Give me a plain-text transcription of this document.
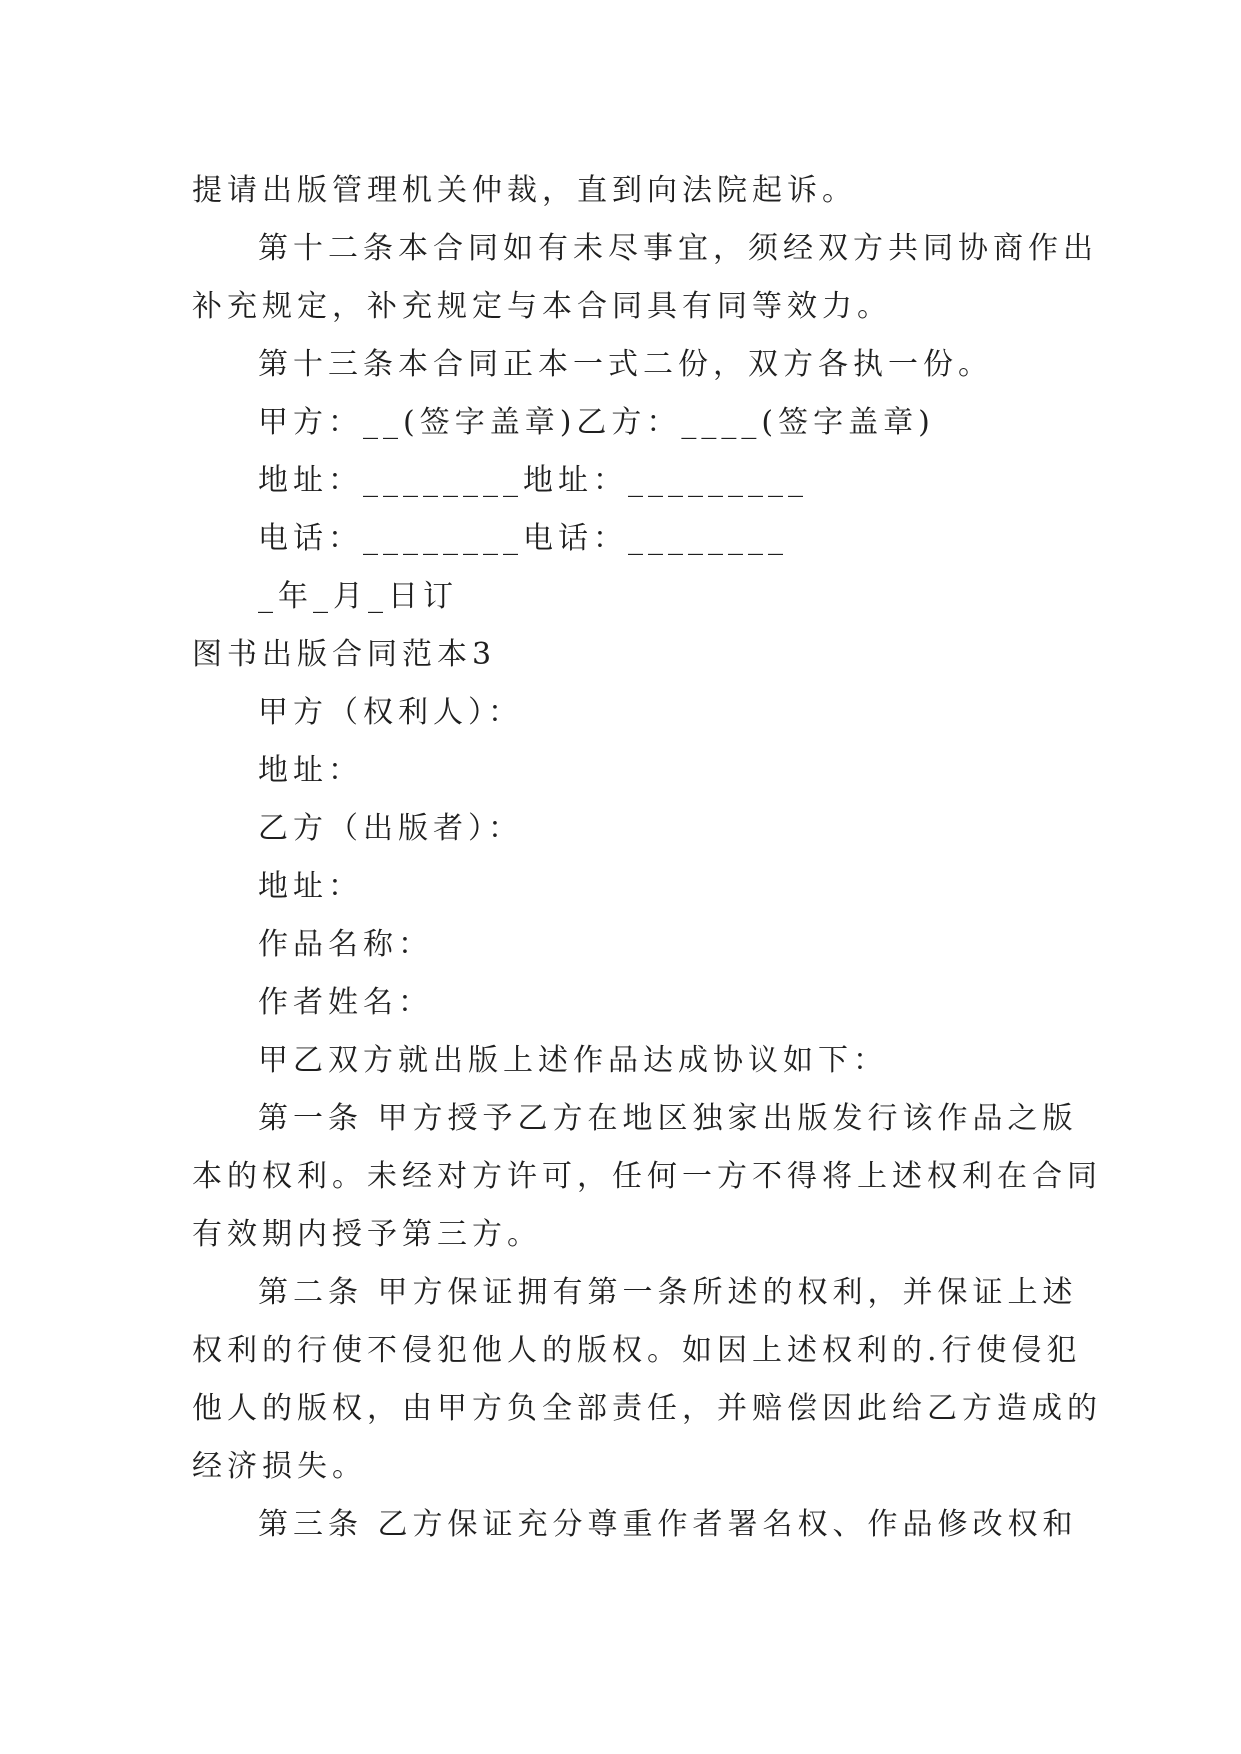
提请出版管理机关仲裁，直到向法院起诉。
第十二条本合同如有未尽事宜，须经双方共同协商作出
补充规定，补充规定与本合同具有同等效力。
第十三条本合同正本一式二份，双方各执一份。
甲方：__(签字盖章)乙方：____(签字盖章)
地址：________地址：_________
电话：________电话：________
_年_月_日订
图书出版合同范本3
甲方（权利人）：
地址：
乙方（出版者）：
地址：
作品名称：
作者姓名：
甲乙双方就出版上述作品达成协议如下：
第一条 甲方授予乙方在地区独家出版发行该作品之版
本的权利。未经对方许可，任何一方不得将上述权利在合同
有效期内授予第三方。
第二条 甲方保证拥有第一条所述的权利，并保证上述
权利的行使不侵犯他人的版权。如因上述权利的.行使侵犯
他人的版权，由甲方负全部责任，并赔偿因此给乙方造成的
经济损失。
第三条 乙方保证充分尊重作者署名权、作品修改权和
